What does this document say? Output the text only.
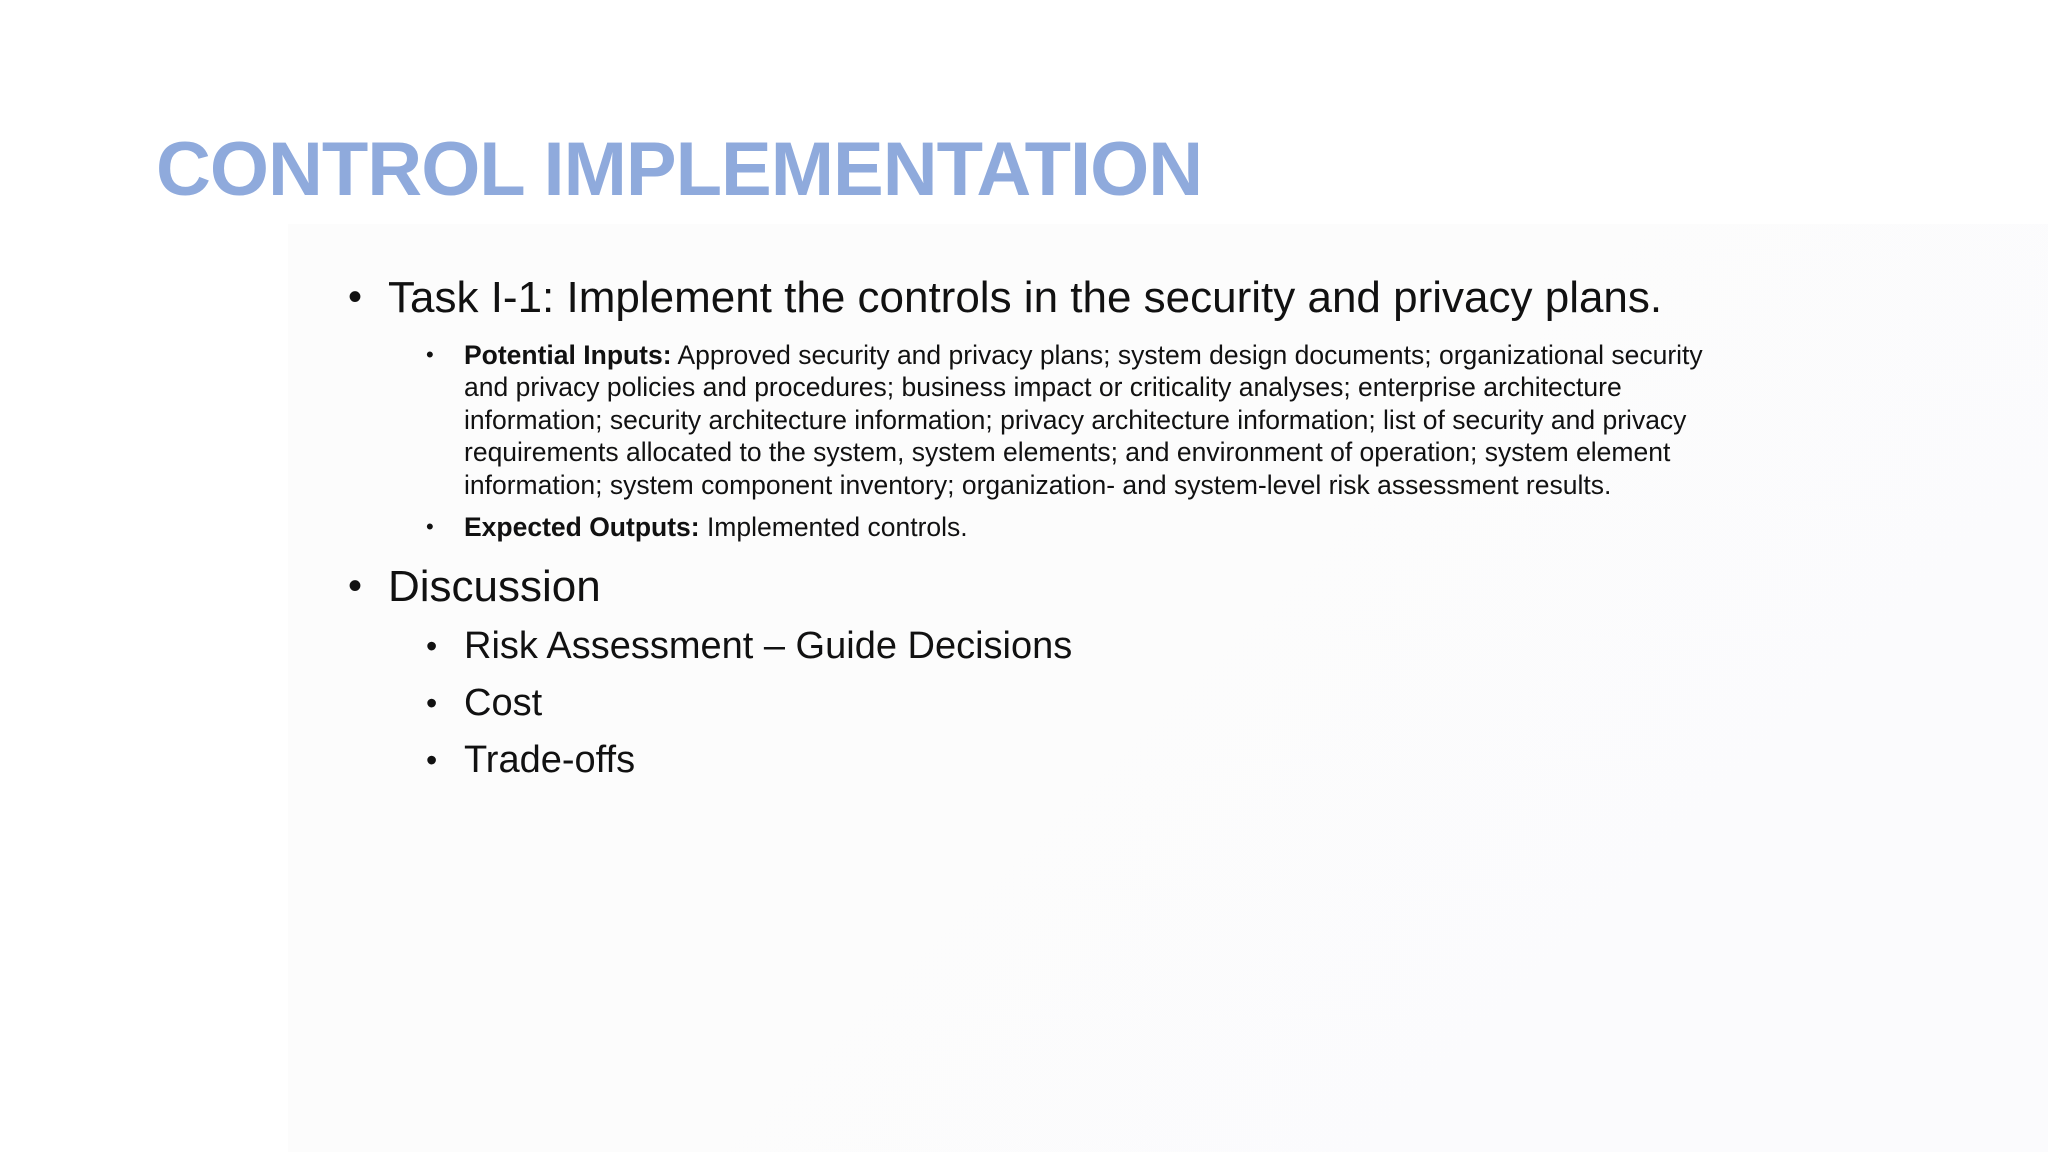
CONTROL IMPLEMENTATION
• Task I-1: Implement the controls in the security and privacy plans.
• Potential Inputs: Approved security and privacy plans; system design documents; organizational security and privacy policies and procedures; business impact or criticality analyses; enterprise architecture information; security architecture information; privacy architecture information; list of security and privacy requirements allocated to the system, system elements; and environment of operation; system element information; system component inventory; organization- and system-level risk assessment results.
• Expected Outputs: Implemented controls.
• Discussion
• Risk Assessment – Guide Decisions
• Cost
• Trade-offs
